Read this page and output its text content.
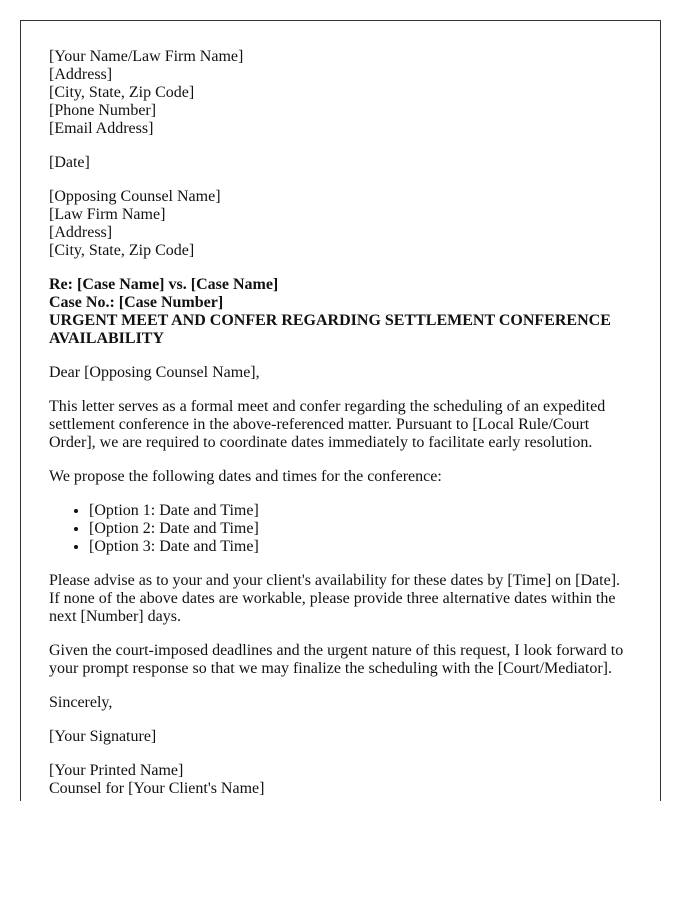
[Your Name/Law Firm Name]
[Address]
[City, State, Zip Code]
[Phone Number]
[Email Address]
[Date]
[Opposing Counsel Name]
[Law Firm Name]
[Address]
[City, State, Zip Code]
Re: [Case Name] vs. [Case Name]
Case No.: [Case Number]
URGENT MEET AND CONFER REGARDING SETTLEMENT CONFERENCE AVAILABILITY

Dear [Opposing Counsel Name],

This letter serves as a formal meet and confer regarding the scheduling of an expedited settlement conference in the above-referenced matter. Pursuant to [Local Rule/Court Order], we are required to coordinate dates immediately to facilitate early resolution.

We propose the following dates and times for the conference:

• [Option 1: Date and Time]
• [Option 2: Date and Time]
• [Option 3: Date and Time]

Please advise as to your and your client's availability for these dates by [Time] on [Date]. If none of the above dates are workable, please provide three alternative dates within the next [Number] days.

Given the court-imposed deadlines and the urgent nature of this request, I look forward to your prompt response so that we may finalize the scheduling with the [Court/Mediator].

Sincerely,

[Your Signature]

[Your Printed Name]
Counsel for [Your Client's Name]
